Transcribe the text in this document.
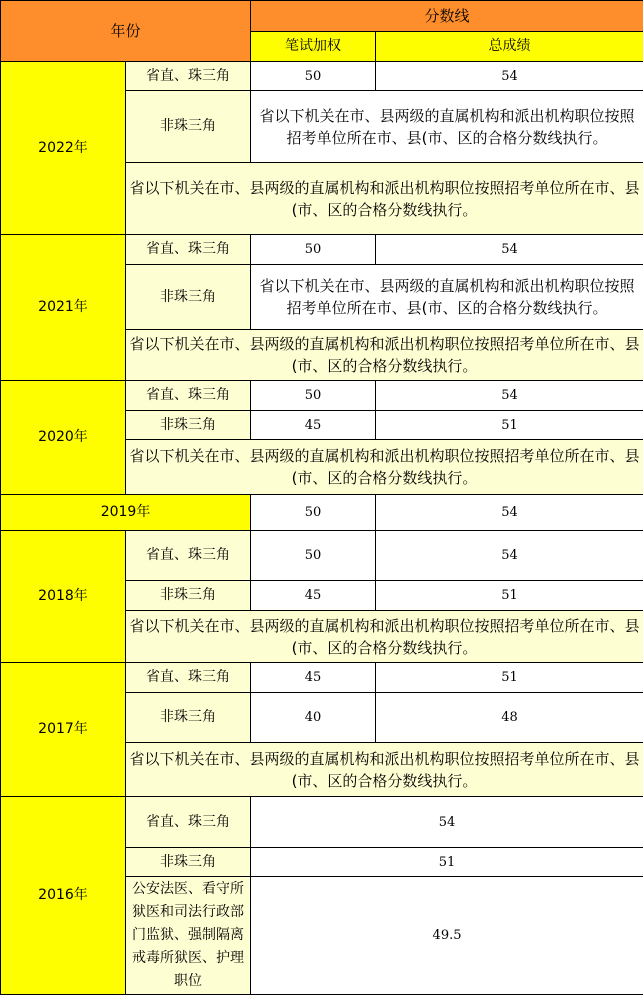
年份		分数线	
		笔试加权	总成绩
2022年	省直、珠三角	50	54
	非珠三角	省以下机关在市、县两级的直属机构和派出机构职位按照招考单位所在市、县(市、区的合格分数线执行。	
	省以下机关在市、县两级的直属机构和派出机构职位按照招考单位所在市、县(市、区的合格分数线执行。		
2021年	省直、珠三角	50	54
	非珠三角	省以下机关在市、县两级的直属机构和派出机构职位按照招考单位所在市、县(市、区的合格分数线执行。	
	省以下机关在市、县两级的直属机构和派出机构职位按照招考单位所在市、县(市、区的合格分数线执行。		
2020年	省直、珠三角	50	54
	非珠三角	45	51
	省以下机关在市、县两级的直属机构和派出机构职位按照招考单位所在市、县(市、区的合格分数线执行。		
2019年		50	54
2018年	省直、珠三角	50	54
	非珠三角	45	51
	省以下机关在市、县两级的直属机构和派出机构职位按照招考单位所在市、县(市、区的合格分数线执行。		
2017年	省直、珠三角	45	51
	非珠三角	40	48
	省以下机关在市、县两级的直属机构和派出机构职位按照招考单位所在市、县(市、区的合格分数线执行。		
2016年	省直、珠三角	54	
	非珠三角	51	
	公安法医、看守所狱医和司法行政部门监狱、强制隔离戒毒所狱医、护理职位	49.5	
